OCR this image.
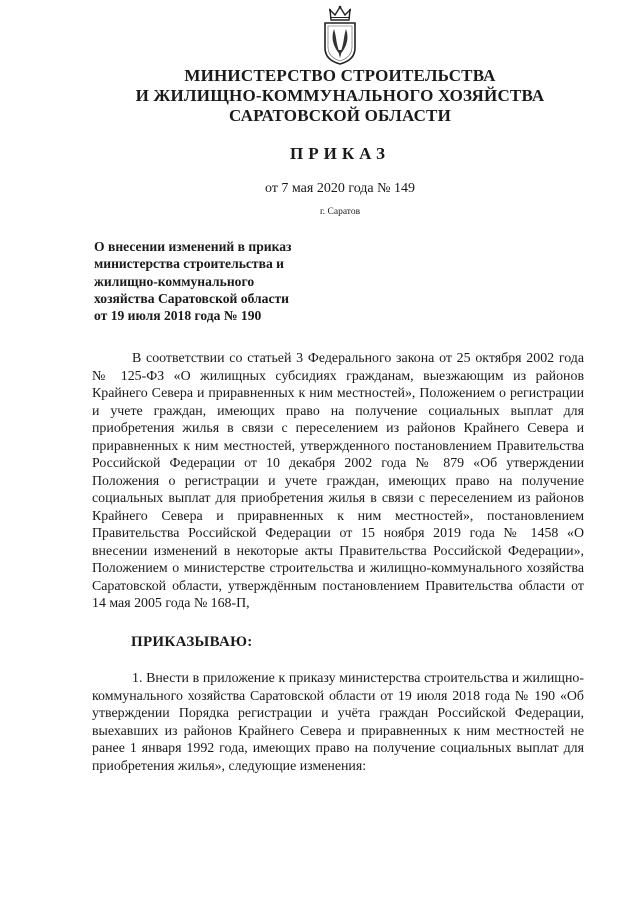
МИНИСТЕРСТВО СТРОИТЕЛЬСТВА
И ЖИЛИЩНО-КОММУНАЛЬНОГО ХОЗЯЙСТВА
САРАТОВСКОЙ ОБЛАСТИ
ПРИКАЗ
от 7 мая 2020 года № 149
г. Саратов
О внесении изменений в приказ
министерства строительства и
жилищно-коммунального
хозяйства Саратовской области
от 19 июля 2018 года № 190

В соответствии со статьей 3 Федерального закона от 25 октября 2002 года № 125-ФЗ «О жилищных субсидиях гражданам, выезжающим из районов Крайнего Севера и приравненных к ним местностей», Положением о регистрации и учете граждан, имеющих право на получение социальных выплат для приобретения жилья в связи с переселением из районов Крайнего Севера и приравненных к ним местностей, утвержденного постановлением Правительства Российской Федерации от 10 декабря 2002 года № 879 «Об утверждении Положения о регистрации и учете граждан, имеющих право на получение социальных выплат для приобретения жилья в связи с переселением из районов Крайнего Севера и приравненных к ним местностей», постановлением Правительства Российской Федерации от 15 ноября 2019 года № 1458 «О внесении изменений в некоторые акты Правительства Российской Федерации», Положением о министерстве строительства и жилищно-коммунального хозяйства Саратовской области, утверждённым постановлением Правительства области от 14 мая 2005 года № 168-П,

ПРИКАЗЫВАЮ:

1. Внести в приложение к приказу министерства строительства и жилищно-коммунального хозяйства Саратовской области от 19 июля 2018 года № 190 «Об утверждении Порядка регистрации и учёта граждан Российской Федерации, выехавших из районов Крайнего Севера и приравненных к ним местностей не ранее 1 января 1992 года, имеющих право на получение социальных выплат для приобретения жилья», следующие изменения:
